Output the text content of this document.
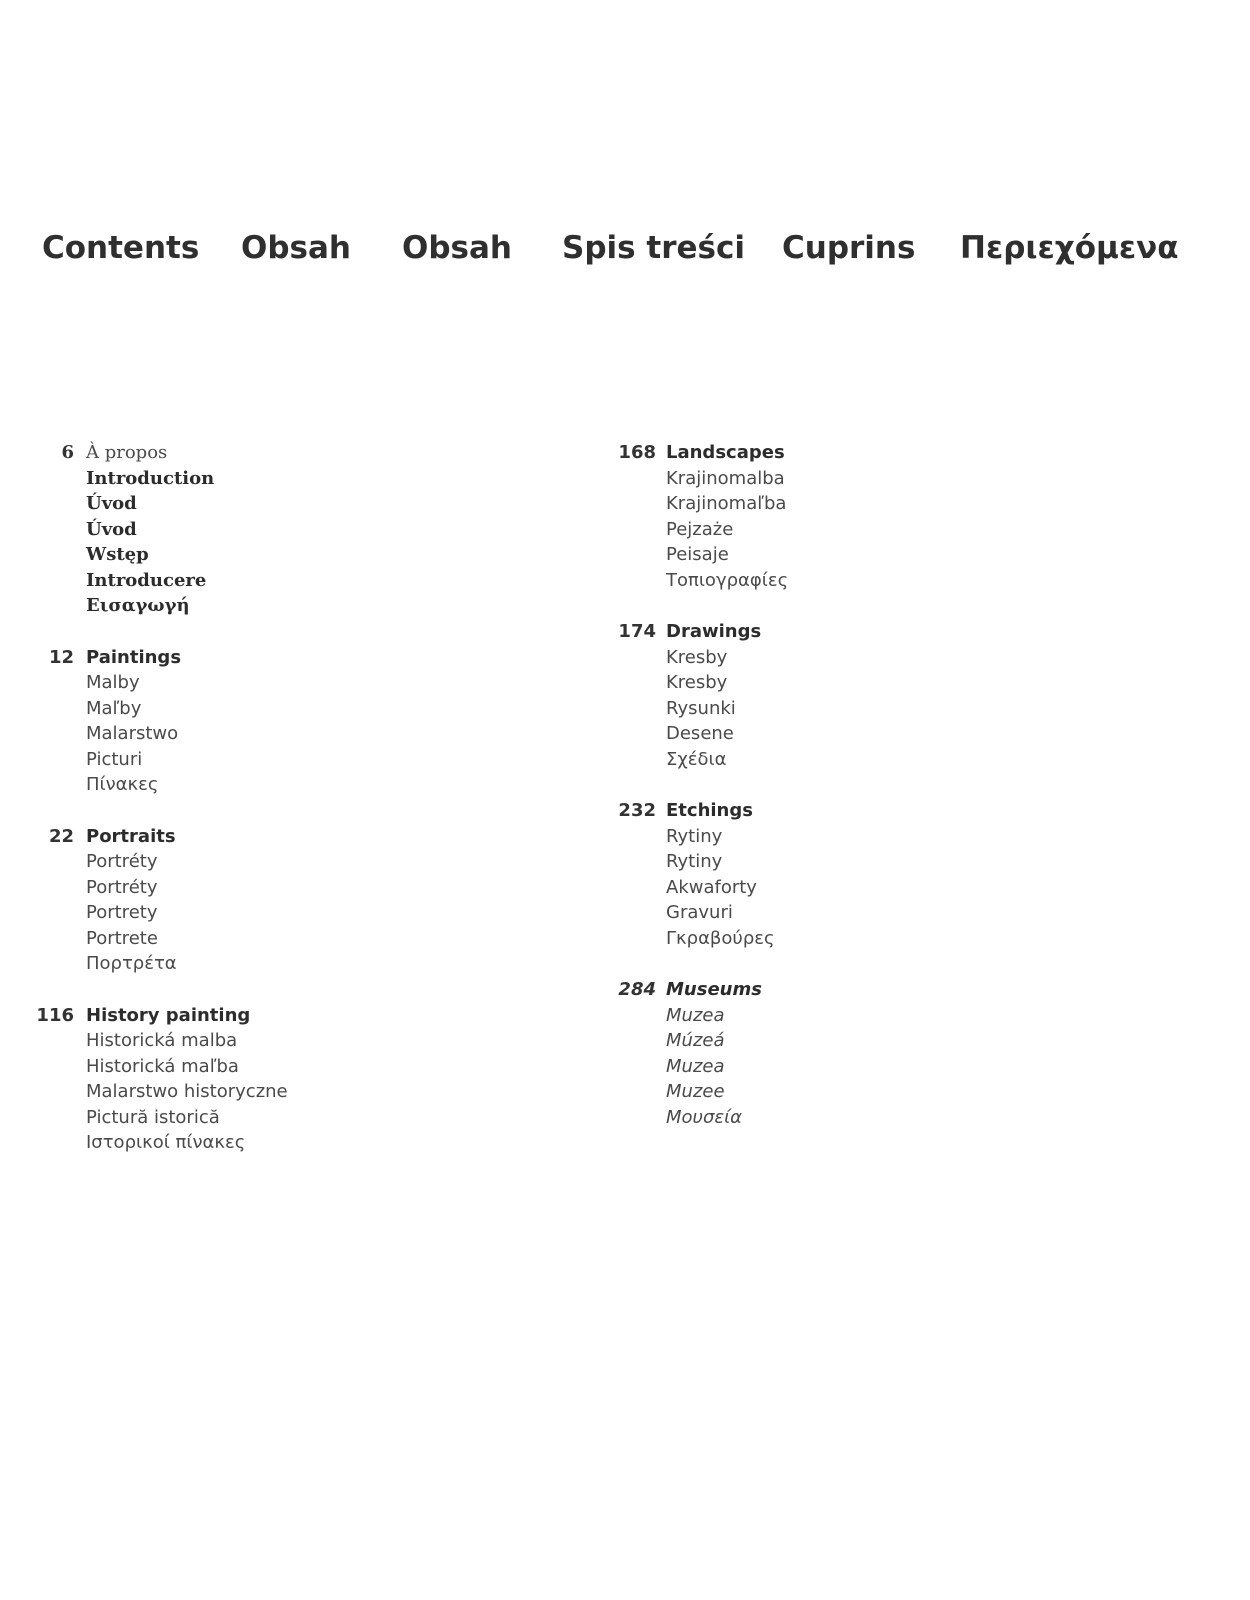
Contents Obsah Obsah Spis treści Cuprins Περιεχόμενα
6 À propos
Introduction
Úvod
Úvod
Wstęp
Introducere
Εισαγωγή
12 Paintings
Malby
Maľby
Malarstwo
Picturi
Πίνακες
22 Portraits
Portréty
Portréty
Portrety
Portrete
Πορτρέτα
116 History painting
Historická malba
Historická maľba
Malarstwo historyczne
Pictură istorică
Ιστορικοί πίνακες
168 Landscapes
Krajinomalba
Krajinomaľba
Pejzaże
Peisaje
Τοπιογραφίες
174 Drawings
Kresby
Kresby
Rysunki
Desene
Σχέδια
232 Etchings
Rytiny
Rytiny
Akwaforty
Gravuri
Γκραβούρες
284 Museums
Muzea
Múzeá
Muzea
Muzee
Μουσεία
